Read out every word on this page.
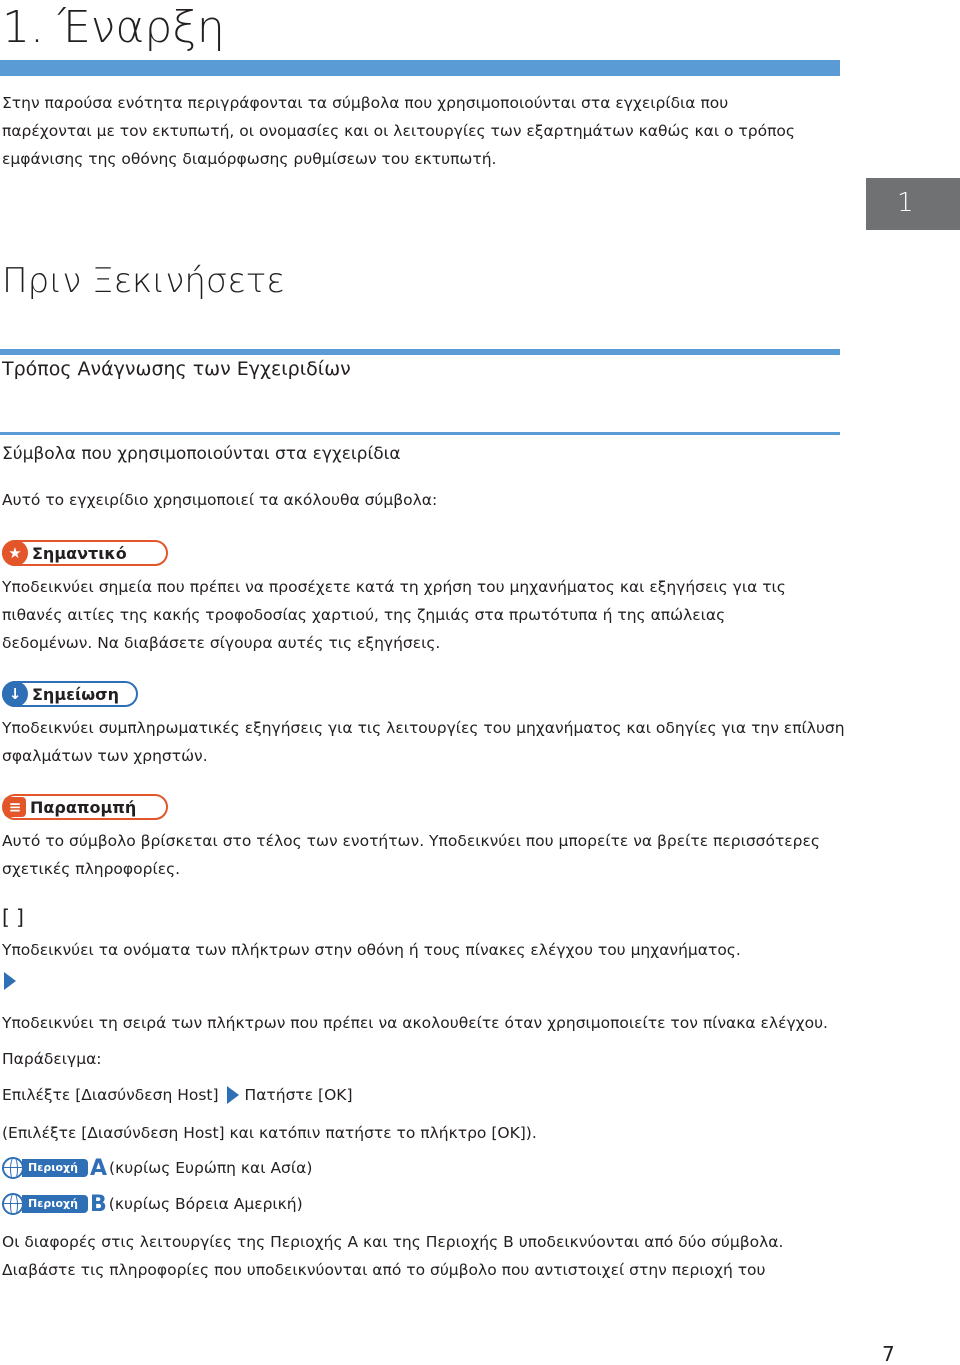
1. Έναρξη
Στην παρούσα ενότητα περιγράφονται τα σύμβολα που χρησιμοποιούνται στα εγχειρίδια που παρέχονται με τον εκτυπωτή, οι ονομασίες και οι λειτουργίες των εξαρτημάτων καθώς και ο τρόπος εμφάνισης της οθόνης διαμόρφωσης ρυθμίσεων του εκτυπωτή.
1
Πριν Ξεκινήσετε
Τρόπος Ανάγνωσης των Εγχειριδίων
Σύμβολα που χρησιμοποιούνται στα εγχειρίδια
Αυτό το εγχειρίδιο χρησιμοποιεί τα ακόλουθα σύμβολα:
★ Σημαντικό
Υποδεικνύει σημεία που πρέπει να προσέχετε κατά τη χρήση του μηχανήματος και εξηγήσεις για τις πιθανές αιτίες της κακής τροφοδοσίας χαρτιού, της ζημιάς στα πρωτότυπα ή της απώλειας δεδομένων. Να διαβάσετε σίγουρα αυτές τις εξηγήσεις.
↓ Σημείωση
Υποδεικνύει συμπληρωματικές εξηγήσεις για τις λειτουργίες του μηχανήματος και οδηγίες για την επίλυση σφαλμάτων των χρηστών.
≡ Παραπομπή
Αυτό το σύμβολο βρίσκεται στο τέλος των ενοτήτων. Υποδεικνύει που μπορείτε να βρείτε περισσότερες σχετικές πληροφορίες.
[ ]
Υποδεικνύει τα ονόματα των πλήκτρων στην οθόνη ή τους πίνακες ελέγχου του μηχανήματος.
Υποδεικνύει τη σειρά των πλήκτρων που πρέπει να ακολουθείτε όταν χρησιμοποιείτε τον πίνακα ελέγχου.
Παράδειγμα:
Επιλέξτε [Διασύνδεση Host] Πατήστε [OK]
(Επιλέξτε [Διασύνδεση Host] και κατόπιν πατήστε το πλήκτρο [OK]).
Περιοχή A (κυρίως Ευρώπη και Ασία)
Περιοχή B (κυρίως Βόρεια Αμερική)
Οι διαφορές στις λειτουργίες της Περιοχής A και της Περιοχής B υποδεικνύονται από δύο σύμβολα. Διαβάστε τις πληροφορίες που υποδεικνύονται από το σύμβολο που αντιστοιχεί στην περιοχή του
7
